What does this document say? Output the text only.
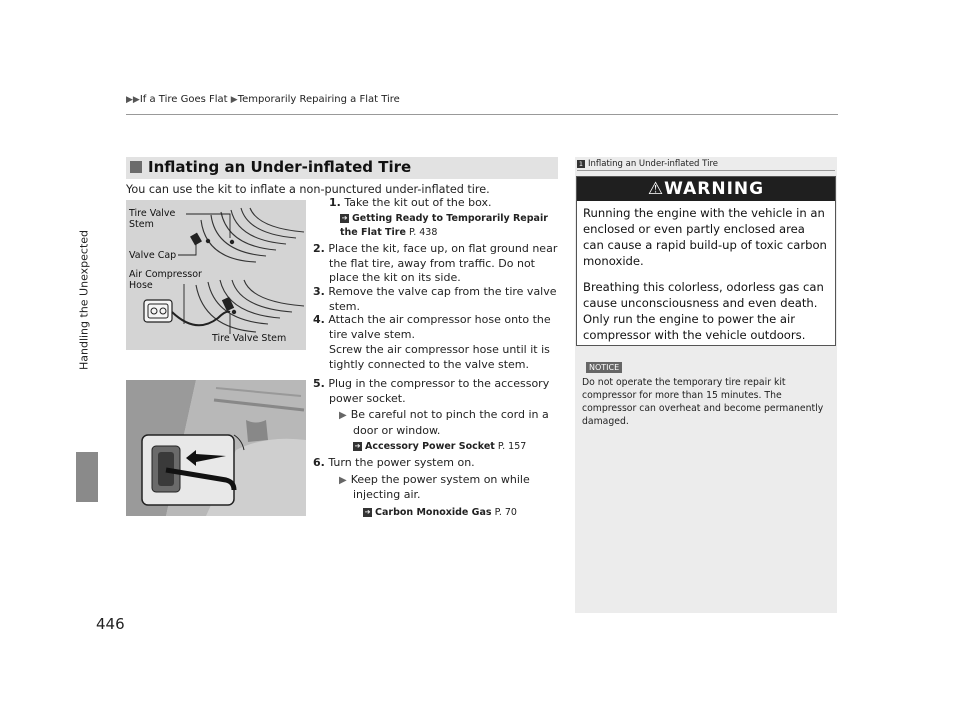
▶▶If a Tire Goes Flat ▶Temporarily Repairing a Flat Tire
Handling the Unexpected
446
Inflating an Under-inflated Tire
You can use the kit to inflate a non-punctured under-inflated tire.
Tire Valve Stem
Valve Cap
Air Compressor Hose
Tire Valve Stem
1. Take the kit out of the box.
➔ Getting Ready to Temporarily Repair the Flat Tire P. 438
2. Place the kit, face up, on flat ground near the flat tire, away from traffic. Do not place the kit on its side.
3. Remove the valve cap from the tire valve stem.
4. Attach the air compressor hose onto the tire valve stem.
Screw the air compressor hose until it is tightly connected to the valve stem.
5. Plug in the compressor to the accessory power socket.
▶ Be careful not to pinch the cord in a door or window.
➔ Accessory Power Socket P. 157
6. Turn the power system on.
▶ Keep the power system on while injecting air.
➔ Carbon Monoxide Gas P. 70
1 Inflating an Under-inflated Tire
⚠WARNING

Running the engine with the vehicle in an enclosed or even partly enclosed area can cause a rapid build-up of toxic carbon monoxide.

Breathing this colorless, odorless gas can cause unconsciousness and even death. Only run the engine to power the air compressor with the vehicle outdoors.

NOTICE
Do not operate the temporary tire repair kit compressor for more than 15 minutes. The compressor can overheat and become permanently damaged.
